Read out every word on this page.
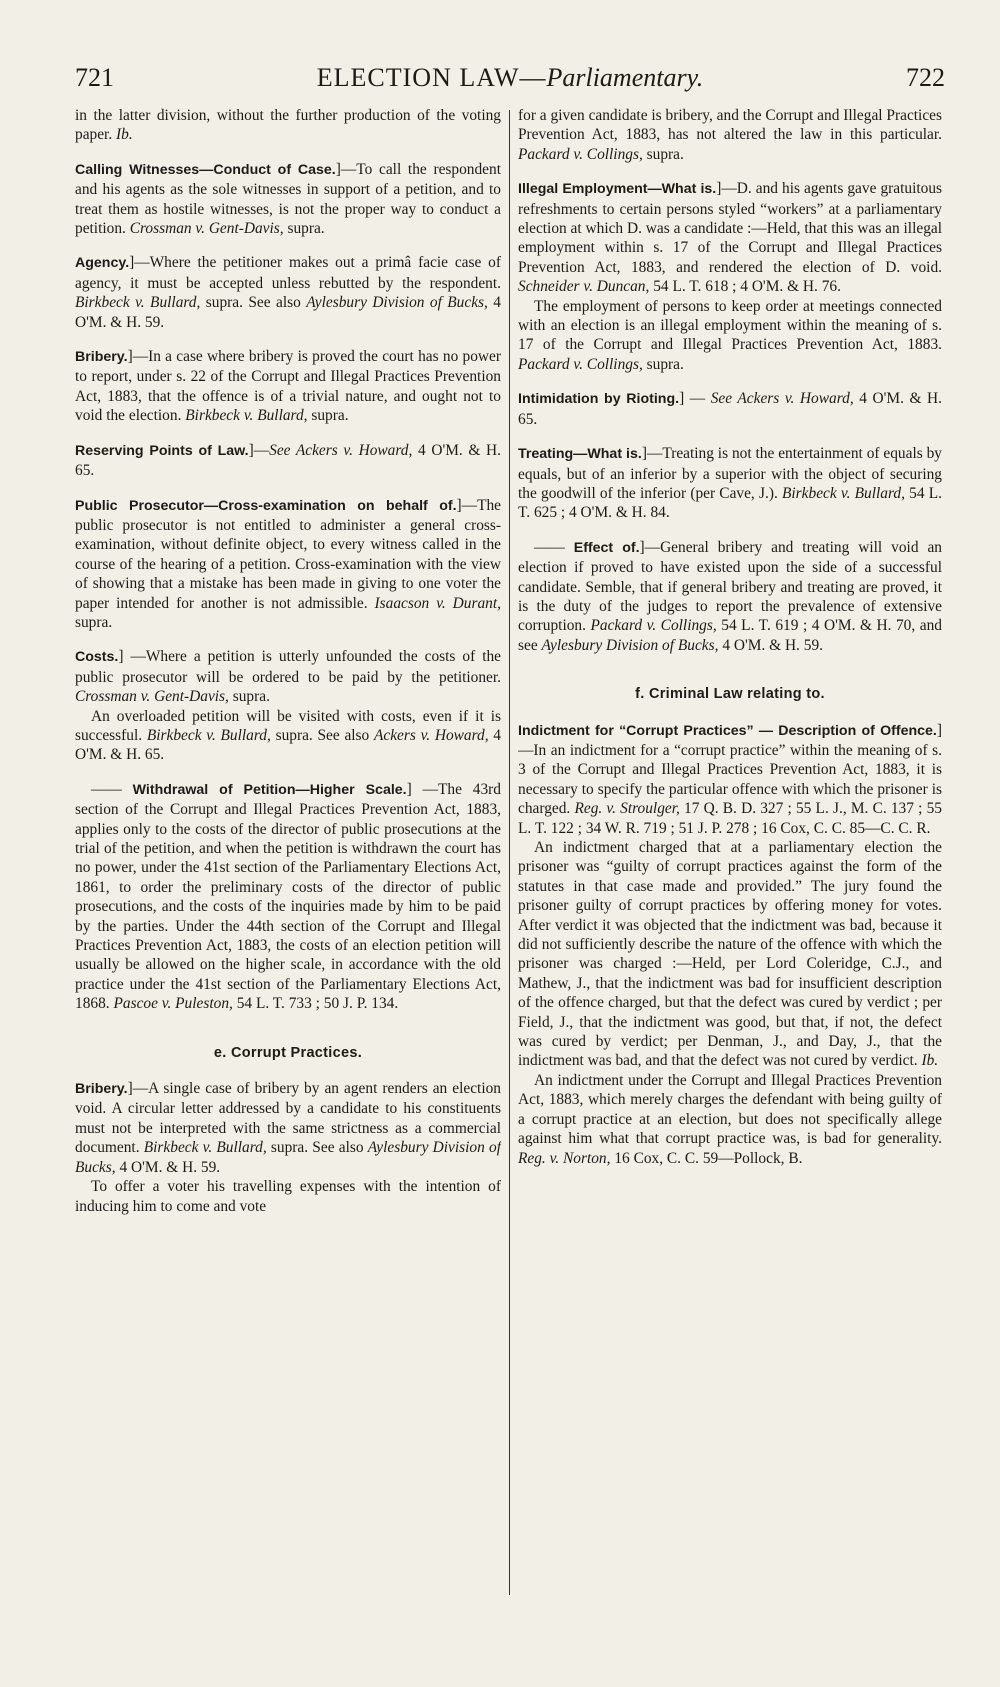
721	ELECTION LAW—Parliamentary.	722

in the latter division, without the further production of the voting paper. Ib.

Calling Witnesses—Conduct of Case.]—To call the respondent and his agents as the sole witnesses in support of a petition, and to treat them as hostile witnesses, is not the proper way to conduct a petition. Crossman v. Gent-Davis, supra.

Agency.]—Where the petitioner makes out a primâ facie case of agency, it must be accepted unless rebutted by the respondent. Birkbeck v. Bullard, supra. See also Aylesbury Division of Bucks, 4 O'M. & H. 59.

Bribery.]—In a case where bribery is proved the court has no power to report, under s. 22 of the Corrupt and Illegal Practices Prevention Act, 1883, that the offence is of a trivial nature, and ought not to void the election. Birkbeck v. Bullard, supra.

Reserving Points of Law.]—See Ackers v. Howard, 4 O'M. & H. 65.

Public Prosecutor—Cross-examination on behalf of.]—The public prosecutor is not entitled to administer a general cross-examination, without definite object, to every witness called in the course of the hearing of a petition. Cross-examination with the view of showing that a mistake has been made in giving to one voter the paper intended for another is not admissible. Isaacson v. Durant, supra.

Costs.] —Where a petition is utterly unfounded the costs of the public prosecutor will be ordered to be paid by the petitioner. Crossman v. Gent-Davis, supra.

An overloaded petition will be visited with costs, even if it is successful. Birkbeck v. Bullard, supra. See also Ackers v. Howard, 4 O'M. & H. 65.

—— Withdrawal of Petition—Higher Scale.] —The 43rd section of the Corrupt and Illegal Practices Prevention Act, 1883, applies only to the costs of the director of public prosecutions at the trial of the petition, and when the petition is withdrawn the court has no power, under the 41st section of the Parliamentary Elections Act, 1861, to order the preliminary costs of the director of public prosecutions, and the costs of the inquiries made by him to be paid by the parties. Under the 44th section of the Corrupt and Illegal Practices Prevention Act, 1883, the costs of an election petition will usually be allowed on the higher scale, in accordance with the old practice under the 41st section of the Parliamentary Elections Act, 1868. Pascoe v. Puleston, 54 L. T. 733 ; 50 J. P. 134.

e. Corrupt Practices.

Bribery.]—A single case of bribery by an agent renders an election void. A circular letter addressed by a candidate to his constituents must not be interpreted with the same strictness as a commercial document. Birkbeck v. Bullard, supra. See also Aylesbury Division of Bucks, 4 O'M. & H. 59.

To offer a voter his travelling expenses with the intention of inducing him to come and vote

for a given candidate is bribery, and the Corrupt and Illegal Practices Prevention Act, 1883, has not altered the law in this particular. Packard v. Collings, supra.

Illegal Employment—What is.]—D. and his agents gave gratuitous refreshments to certain persons styled “workers” at a parliamentary election at which D. was a candidate :—Held, that this was an illegal employment within s. 17 of the Corrupt and Illegal Practices Prevention Act, 1883, and rendered the election of D. void. Schneider v. Duncan, 54 L. T. 618 ; 4 O'M. & H. 76.

The employment of persons to keep order at meetings connected with an election is an illegal employment within the meaning of s. 17 of the Corrupt and Illegal Practices Prevention Act, 1883. Packard v. Collings, supra.

Intimidation by Rioting.] — See Ackers v. Howard, 4 O'M. & H. 65.

Treating—What is.]—Treating is not the entertainment of equals by equals, but of an inferior by a superior with the object of securing the goodwill of the inferior (per Cave, J.). Birkbeck v. Bullard, 54 L. T. 625 ; 4 O'M. & H. 84.

—— Effect of.]—General bribery and treating will void an election if proved to have existed upon the side of a successful candidate. Semble, that if general bribery and treating are proved, it is the duty of the judges to report the prevalence of extensive corruption. Packard v. Collings, 54 L. T. 619 ; 4 O'M. & H. 70, and see Aylesbury Division of Bucks, 4 O'M. & H. 59.

f. Criminal Law relating to.

Indictment for “Corrupt Practices” — Description of Offence.]—In an indictment for a “corrupt practice” within the meaning of s. 3 of the Corrupt and Illegal Practices Prevention Act, 1883, it is necessary to specify the particular offence with which the prisoner is charged. Reg. v. Stroulger, 17 Q. B. D. 327 ; 55 L. J., M. C. 137 ; 55 L. T. 122 ; 34 W. R. 719 ; 51 J. P. 278 ; 16 Cox, C. C. 85—C. C. R.

An indictment charged that at a parliamentary election the prisoner was “guilty of corrupt practices against the form of the statutes in that case made and provided.” The jury found the prisoner guilty of corrupt practices by offering money for votes. After verdict it was objected that the indictment was bad, because it did not sufficiently describe the nature of the offence with which the prisoner was charged :—Held, per Lord Coleridge, C.J., and Mathew, J., that the indictment was bad for insufficient description of the offence charged, but that the defect was cured by verdict ; per Field, J., that the indictment was good, but that, if not, the defect was cured by verdict; per Denman, J., and Day, J., that the indictment was bad, and that the defect was not cured by verdict. Ib.

An indictment under the Corrupt and Illegal Practices Prevention Act, 1883, which merely charges the defendant with being guilty of a corrupt practice at an election, but does not specifically allege against him what that corrupt practice was, is bad for generality. Reg. v. Norton, 16 Cox, C. C. 59—Pollock, B.
